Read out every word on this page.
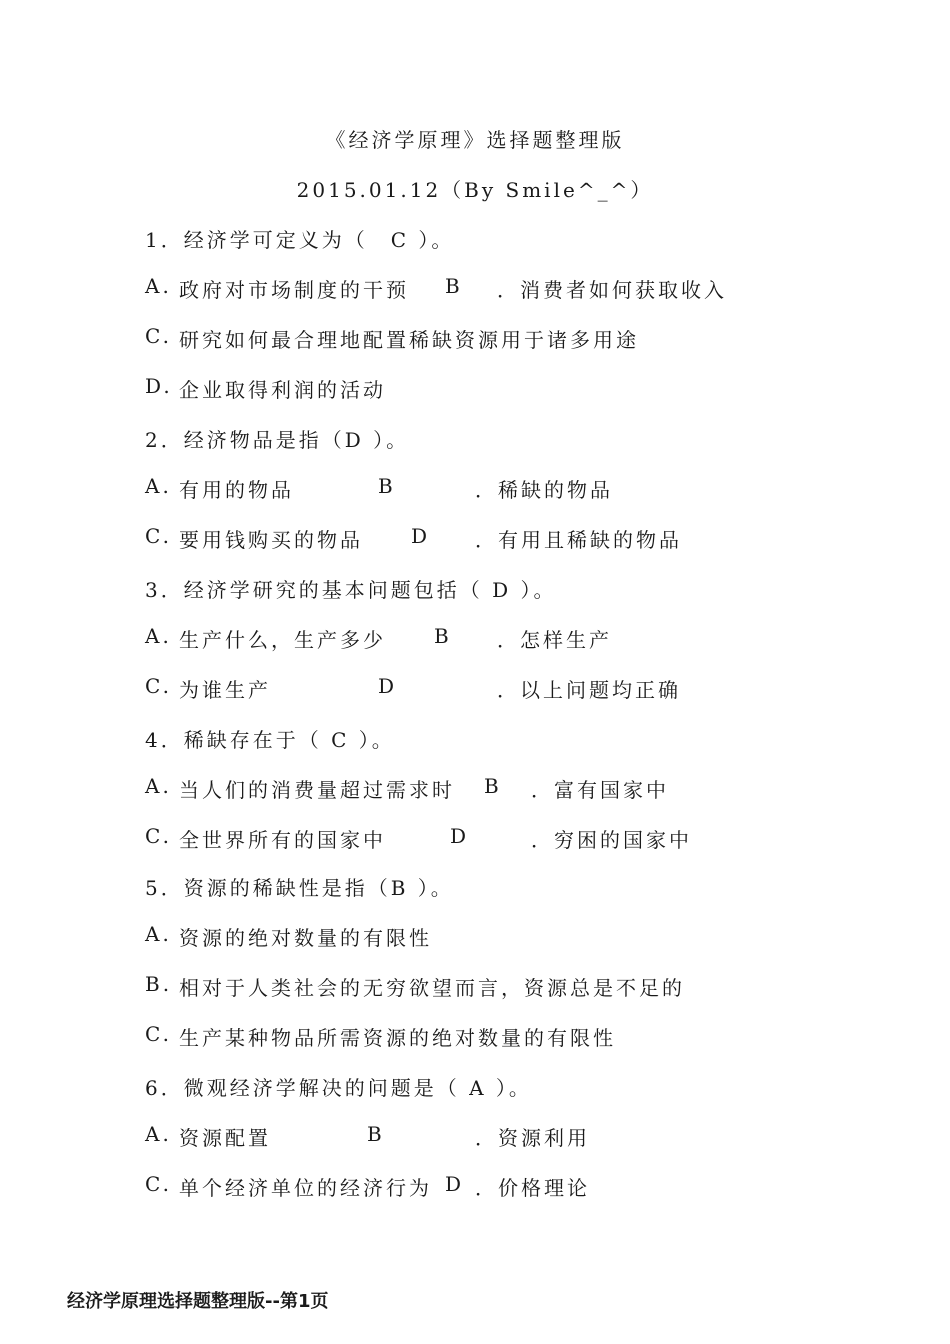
《经济学原理》选择题整理版
2015.01.12（By Smile^_^）
1．经济学可定义为（　C ）。
A. 政府对市场制度的干预 B ．消费者如何获取收入
C. 研究如何最合理地配置稀缺资源用于诸多用途
D. 企业取得利润的活动
2．经济物品是指（D ）。
A. 有用的物品	B	．稀缺的物品
C. 要用钱购买的物品 D ．有用且稀缺的物品
3．经济学研究的基本问题包括（ D ）。
A. 生产什么，生产多少 B ．怎样生产
C. 为谁生产	D	．以上问题均正确
4．稀缺存在于（ C ）。
A. 当人们的消费量超过需求时 B ．富有国家中
C. 全世界所有的国家中	D	．穷困的国家中
5．资源的稀缺性是指（B ）。
A. 资源的绝对数量的有限性
B. 相对于人类社会的无穷欲望而言，资源总是不足的
C. 生产某种物品所需资源的绝对数量的有限性
6．微观经济学解决的问题是（ A ）。
A. 资源配置	B	．资源利用
C. 单个经济单位的经济行为 D ．价格理论
经济学原理选择题整理版--第1页
